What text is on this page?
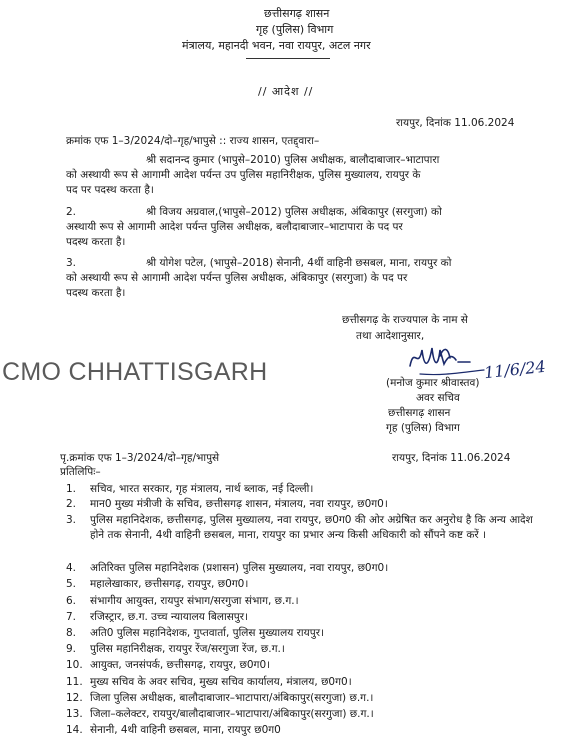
छत्तीसगढ़ शासन
गृह (पुलिस) विभाग
मंत्रालय, महानदी भवन, नवा रायपुर, अटल नगर
// आदेश //
रायपुर, दिनांक 11.06.2024
क्रमांक एफ 1–3/2024/दो–गृह/भापुसे :: राज्य शासन, एतद्द्वारा–

श्री सदानन्द कुमार (भापुसे–2010) पुलिस अधीक्षक, बालौदाबाजार–भाटापारा

को अस्थायी रूप से आगामी आदेश पर्यन्त उप पुलिस महानिरीक्षक, पुलिस मुख्यालय, रायपुर के

पद पर पदस्थ करता है।

2.	श्री विजय अग्रवाल,(भापुसे–2012) पुलिस अधीक्षक, अंबिकापुर (सरगुजा) को

अस्थायी रूप से आगामी आदेश पर्यन्त पुलिस अधीक्षक, बलौदाबाजार–भाटापारा के पद पर

पदस्थ करता है।

3.	श्री योगेश पटेल, (भापुसे–2018) सेनानी, 4थीं वाहिनी छसबल, माना, रायपुर को

को अस्थायी रूप से आगामी आदेश पर्यन्त पुलिस अधीक्षक, अंबिकापुर (सरगुजा) के पद पर

पदस्थ करता है।

छत्तीसगढ़ के राज्यपाल के नाम से
तथा आदेशानुसार,
11/6/24
CMO CHHATTISGARH	(मनोज कुमार श्रीवास्तव)
अवर सचिव
छत्तीसगढ़ शासन
गृह (पुलिस) विभाग
पृ.क्रमांक एफ 1–3/2024/दो–गृह/भापुसे	रायपुर, दिनांक 11.06.2024
प्रतिलिपिः–
1.	सचिव, भारत सरकार, गृह मंत्रालय, नार्थ ब्लाक, नई दिल्ली।
2.	मान0 मुख्य मंत्रीजी के सचिव, छत्तीसगढ़ शासन, मंत्रालय, नवा रायपुर, छ0ग0।
3.	पुलिस महानिदेशक, छत्तीसगढ़, पुलिस मुख्यालय, नवा रायपुर, छ0ग0 की ओर अग्रेषित कर अनुरोध है कि अन्य आदेश होने तक सेनानी, 4थी वाहिनी छसबल, माना, रायपुर का प्रभार अन्य किसी अधिकारी को सौंपने कष्ट करें ।
4.	अतिरिक्त पुलिस महानिदेशक (प्रशासन) पुलिस मुख्यालय, नवा रायपुर, छ0ग0।
5.	महालेखाकार, छत्तीसगढ़, रायपुर, छ0ग0।
6.	संभागीय आयुक्त, रायपुर संभाग/सरगुजा संभाग, छ.ग.।
7.	रजिस्ट्रार, छ.ग. उच्च न्यायालय बिलासपुर।
8.	अति0 पुलिस महानिदेशक, गुप्तवार्ता, पुलिस मुख्यालय रायपुर।
9.	पुलिस महानिरीक्षक, रायपुर रेंज/सरगुजा रेंज, छ.ग.।
10. आयुक्त, जनसंपर्क, छत्तीसगढ़, रायपुर, छ0ग0।
11. मुख्य सचिव के अवर सचिव, मुख्य सचिव कार्यालय, मंत्रालय, छ0ग0।
12. जिला पुलिस अधीक्षक, बालौदाबाजार–भाटापारा/अंबिकापुर(सरगुजा) छ.ग.।
13. जिला–कलेक्टर, रायपुर/बालौदाबाजार–भाटापारा/अंबिकापुर(सरगुजा) छ.ग.।
14. सेनानी, 4थी वाहिनी छसबल, माना, रायपुर छ0ग0
